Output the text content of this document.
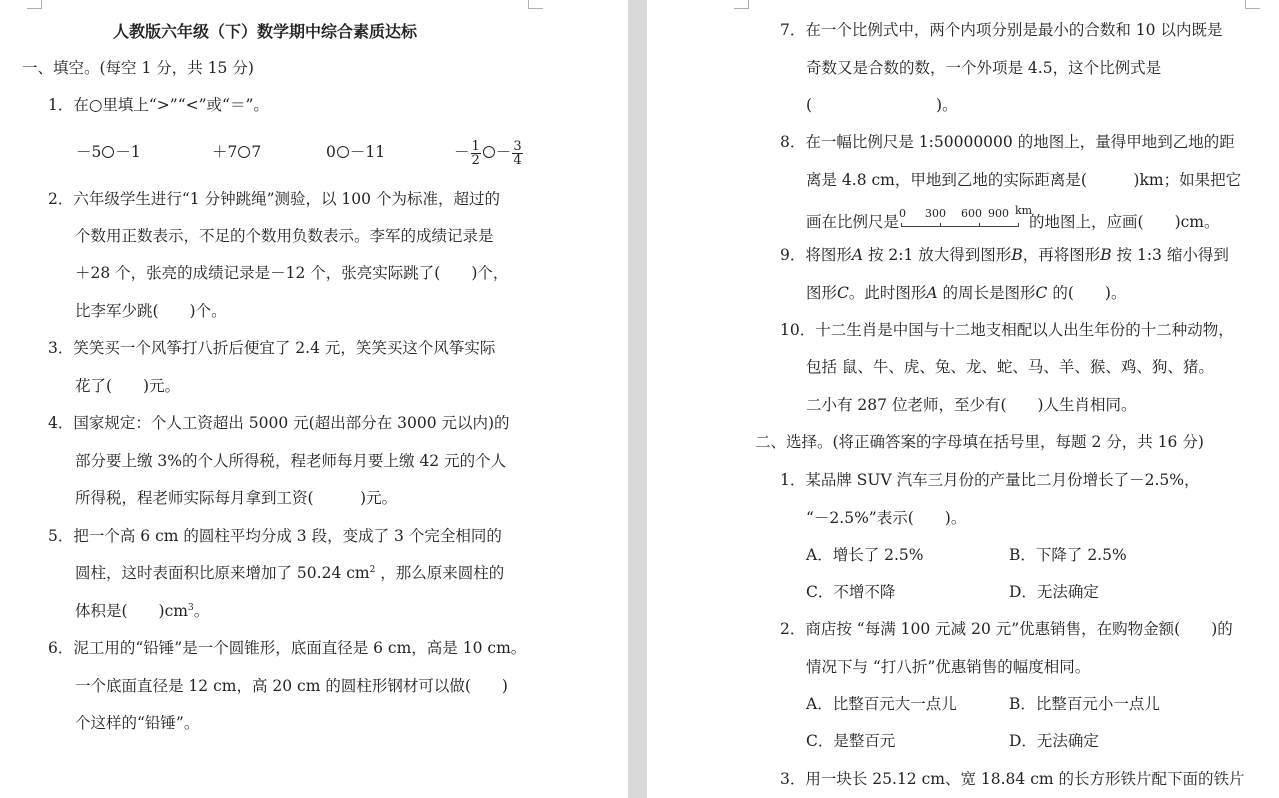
人教版六年级（下）数学期中综合素质达标
一、填空。(每空 1 分，共 15 分)
1．在○里填上“>”“<”或“＝”。
－5 －1	＋7 7	0 －11	－ $\frac{1}{2} - \frac{3}{4}$
2．六年级学生进行“1 分钟跳绳”测验，以 100 个为标准，超过的
个数用正数表示，不足的个数用负数表示。李军的成绩记录是
＋28 个，张亮的成绩记录是－12 个，张亮实际跳了(　　)个，
比李军少跳(　　)个。
3．笑笑买一个风筝打八折后便宜了 2.4 元，笑笑买这个风筝实际
花了(　　)元。
4．国家规定：个人工资超出 5000 元(超出部分在 3000 元以内)的
部分要上缴 3%的个人所得税，程老师每月要上缴 42 元的个人
所得税，程老师实际每月拿到工资(　　　)元。
5．把一个高 6 cm 的圆柱平均分成 3 段，变成了 3 个完全相同的
圆柱，这时表面积比原来增加了 50.24 $cm^2$ ，那么原来圆柱的
体积是(　　)$cm^3$。
6．泥工用的“铅锤”是一个圆锥形，底面直径是 6 cm，高是 10 cm。
一个底面直径是 12 cm，高 20 cm 的圆柱形钢材可以做(　　)
个这样的“铅锤”。
7．在一个比例式中，两个内项分别是最小的合数和 10 以内既是
奇数又是合数的数，一个外项是 4.5，这个比例式是
(　　　　　　　　)。
8．在一幅比例尺是 1:50000000 的地图上，量得甲地到乙地的距
离是 4.8 cm，甲地到乙地的实际距离是(　　　)km；如果把它
画在比例尺是 0 300 600 900 km
的地图上，应画(　　)cm。
9．将图形A 按 2:1 放大得到图形B，再将图形B 按 1:3 缩小得到
图形C。此时图形A 的周长是图形C 的(　　)。
10．十二生肖是中国与十二地支相配以人出生年份的十二种动物，
包括 鼠、牛、虎、兔、龙、蛇、马、羊、猴、鸡、狗、猪。
二小有 287 位老师，至少有(　　)人生肖相同。
二、选择。(将正确答案的字母填在括号里，每题 2 分，共 16 分)
1．某品牌 SUV 汽车三月份的产量比二月份增长了－2.5%，
“－2.5%”表示(　　)。
A．增长了 2.5%	B．下降了 2.5%
C．不增不降	D．无法确定
2．商店按 “每满 100 元减 20 元”优惠销售，在购物金额(　　)的
情况下与 “打八折”优惠销售的幅度相同。
A．比整百元大一点儿	B．比整百元小一点儿
C．是整百元	D．无法确定
3．用一块长 25.12 cm、宽 18.84 cm 的长方形铁片配下面的铁片
